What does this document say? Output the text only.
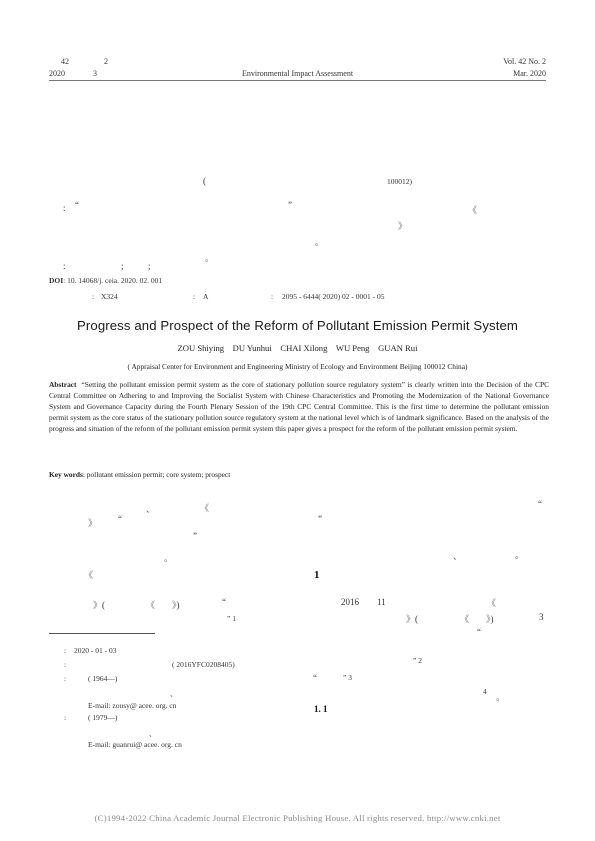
42	2
2020	3	Environmental Impact Assessment
Vol. 42 No. 2
Mar. 2020
(	100012)
: “	”	《
》
。
。
:	;	;
DOI: 10. 14068/j. ceia. 2020. 02. 001
: X324	: A	: 2095 - 6444( 2020) 02 - 0001 - 05
Progress and Prospect of the Reform of Pollutant Emission Permit System
ZOU Shiying DU Yunhui CHAI Xilong WU Peng GUAN Rui
( Appraisal Center for Environment and Engineering Ministry of Ecology and Environment Beijing 100012 China)
Abstract “Setting the pollutant emission permit system as the core of stationary pollution source regulatory system” is clearly written into the Decision of the CPC Central Committee on Adhering to and Improving the Socialist System with Chinese Characteristics and Promoting the Modernization of the National Governance System and Governance Capacity during the Fourth Plenary Session of the 19th CPC Central Committee. This is the first time to determine the pollutant emission permit system as the core status of the stationary pollution source regulatory system at the national level which is of landmark significance. Based on the analysis of the progress and situation of the reform of the pollutant emission permit system this paper gives a prospect for the reform of the pollutant emission permit system.
Key words: pollutant emission permit; core system; prospect
、	《	“
》 “	”
”
。	、	。
《	1
》(	《 》)	“
” 1
2016 11	《
》(	《 》)	3
“
” 2
“	” 3
4
。
1. 1
: 2020 - 01 - 03
:	( 2016YFC0208405)
:	( 1964—)
、
E-mail: zousy@ acee. org. cn
:	( 1979—)
、
E-mail: guanrui@ acee. org. cn
(C)1994-2022 China Academic Journal Electronic Publishing House. All rights reserved. http://www.cnki.net
